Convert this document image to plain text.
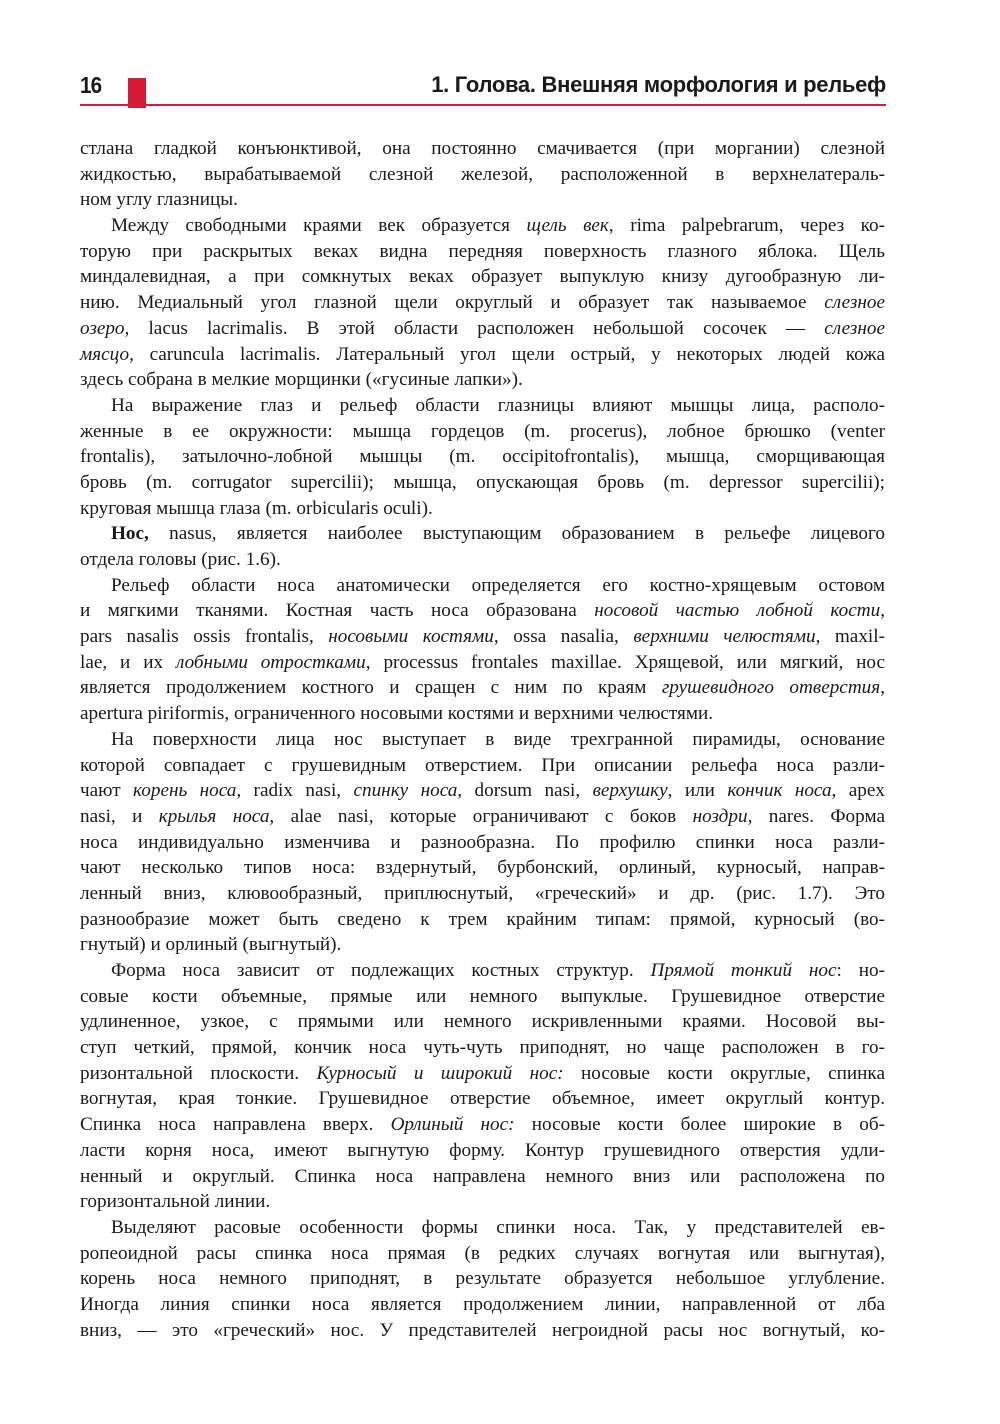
16	1. Голова. Внешняя морфология и рельеф
стлана гладкой конъюнктивой, она постоянно смачивается (при моргании) слезной
жидкостью, вырабатываемой слезной железой, расположенной в верхнелатераль-
ном углу глазницы.
Между свободными краями век образуется щель век, rima palpebrarum, через ко-
торую при раскрытых веках видна передняя поверхность глазного яблока. Щель
миндалевидная, а при сомкнутых веках образует выпуклую книзу дугообразную ли-
нию. Медиальный угол глазной щели округлый и образует так называемое слезное
озеро, lacus lacrimalis. В этой области расположен небольшой сосочек — слезное
мясцо, caruncula lacrimalis. Латеральный угол щели острый, у некоторых людей кожа
здесь собрана в мелкие морщинки («гусиные лапки»).
На выражение глаз и рельеф области глазницы влияют мышцы лица, располо-
женные в ее окружности: мышца гордецов (m. procerus), лобное брюшко (venter
frontalis), затылочно-лобной мышцы (m. occipitofrontalis), мышца, сморщивающая
бровь (m. corrugator supercilii); мышца, опускающая бровь (m. depressor supercilii);
круговая мышца глаза (m. orbicularis oculi).
Нос, nasus, является наиболее выступающим образованием в рельефе лицевого
отдела головы (рис. 1.6).
Рельеф области носа анатомически определяется его костно-хрящевым остовом
и мягкими тканями. Костная часть носа образована носовой частью лобной кости,
pars nasalis ossis frontalis, носовыми костями, ossa nasalia, верхними челюстями, maxil-
lae, и их лобными отростками, processus frontales maxillae. Хрящевой, или мягкий, нос
является продолжением костного и сращен с ним по краям грушевидного отверстия,
apertura piriformis, ограниченного носовыми костями и верхними челюстями.
На поверхности лица нос выступает в виде трехгранной пирамиды, основание
которой совпадает с грушевидным отверстием. При описании рельефа носа разли-
чают корень носа, radix nasi, спинку носа, dorsum nasi, верхушку, или кончик носа, apex
nasi, и крылья носа, alae nasi, которые ограничивают с боков ноздри, nares. Форма
носа индивидуально изменчива и разнообразна. По профилю спинки носа разли-
чают несколько типов носа: вздернутый, бурбонский, орлиный, курносый, направ-
ленный вниз, клювообразный, приплюснутый, «греческий» и др. (рис. 1.7). Это
разнообразие может быть сведено к трем крайним типам: прямой, курносый (во-
гнутый) и орлиный (выгнутый).
Форма носа зависит от подлежащих костных структур. Прямой тонкий нос: но-
совые кости объемные, прямые или немного выпуклые. Грушевидное отверстие
удлиненное, узкое, с прямыми или немного искривленными краями. Носовой вы-
ступ четкий, прямой, кончик носа чуть-чуть приподнят, но чаще расположен в го-
ризонтальной плоскости. Курносый и широкий нос: носовые кости округлые, спинка
вогнутая, края тонкие. Грушевидное отверстие объемное, имеет округлый контур.
Спинка носа направлена вверх. Орлиный нос: носовые кости более широкие в об-
ласти корня носа, имеют выгнутую форму. Контур грушевидного отверстия удли-
ненный и округлый. Спинка носа направлена немного вниз или расположена по
горизонтальной линии.
Выделяют расовые особенности формы спинки носа. Так, у представителей ев-
ропеоидной расы спинка носа прямая (в редких случаях вогнутая или выгнутая),
корень носа немного приподнят, в результате образуется небольшое углубление.
Иногда линия спинки носа является продолжением линии, направленной от лба
вниз, — это «греческий» нос. У представителей негроидной расы нос вогнутый, ко-
